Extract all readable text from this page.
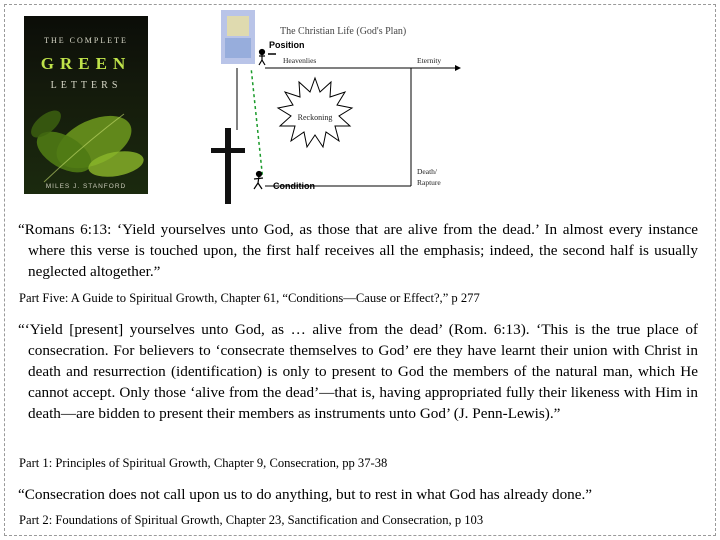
THE COMPLETE
GREEN
LETTERS
MILES J. STANFORD
The Christian Life (God's Plan)
Position
Heavenlies	Eternity
Reckoning
Condition
Death/
Rapture
“Romans 6:13: ‘Yield yourselves unto God, as those that are alive from the dead.’ In almost every instance where this verse is touched upon, the first half receives all the emphasis; indeed, the second half is usually neglected altogether.”
Part Five: A Guide to Spiritual Growth, Chapter 61, “Conditions—Cause or Effect?,” p 277
“‘Yield [present] yourselves unto God, as … alive from the dead’ (Rom. 6:13). ‘This is the true place of consecration. For believers to ‘consecrate themselves to God’ ere they have learnt their union with Christ in death and resurrection (identification) is only to present to God the members of the natural man, which He cannot accept. Only those ‘alive from the dead’—that is, having appropriated fully their likeness with Him in death—are bidden to present their members as instruments unto God’ (J. Penn-Lewis).”
Part 1: Principles of Spiritual Growth, Chapter 9, Consecration, pp 37-38
“Consecration does not call upon us to do anything, but to rest in what God has already done.”
Part 2: Foundations of Spiritual Growth, Chapter 23, Sanctification and Consecration, p 103
